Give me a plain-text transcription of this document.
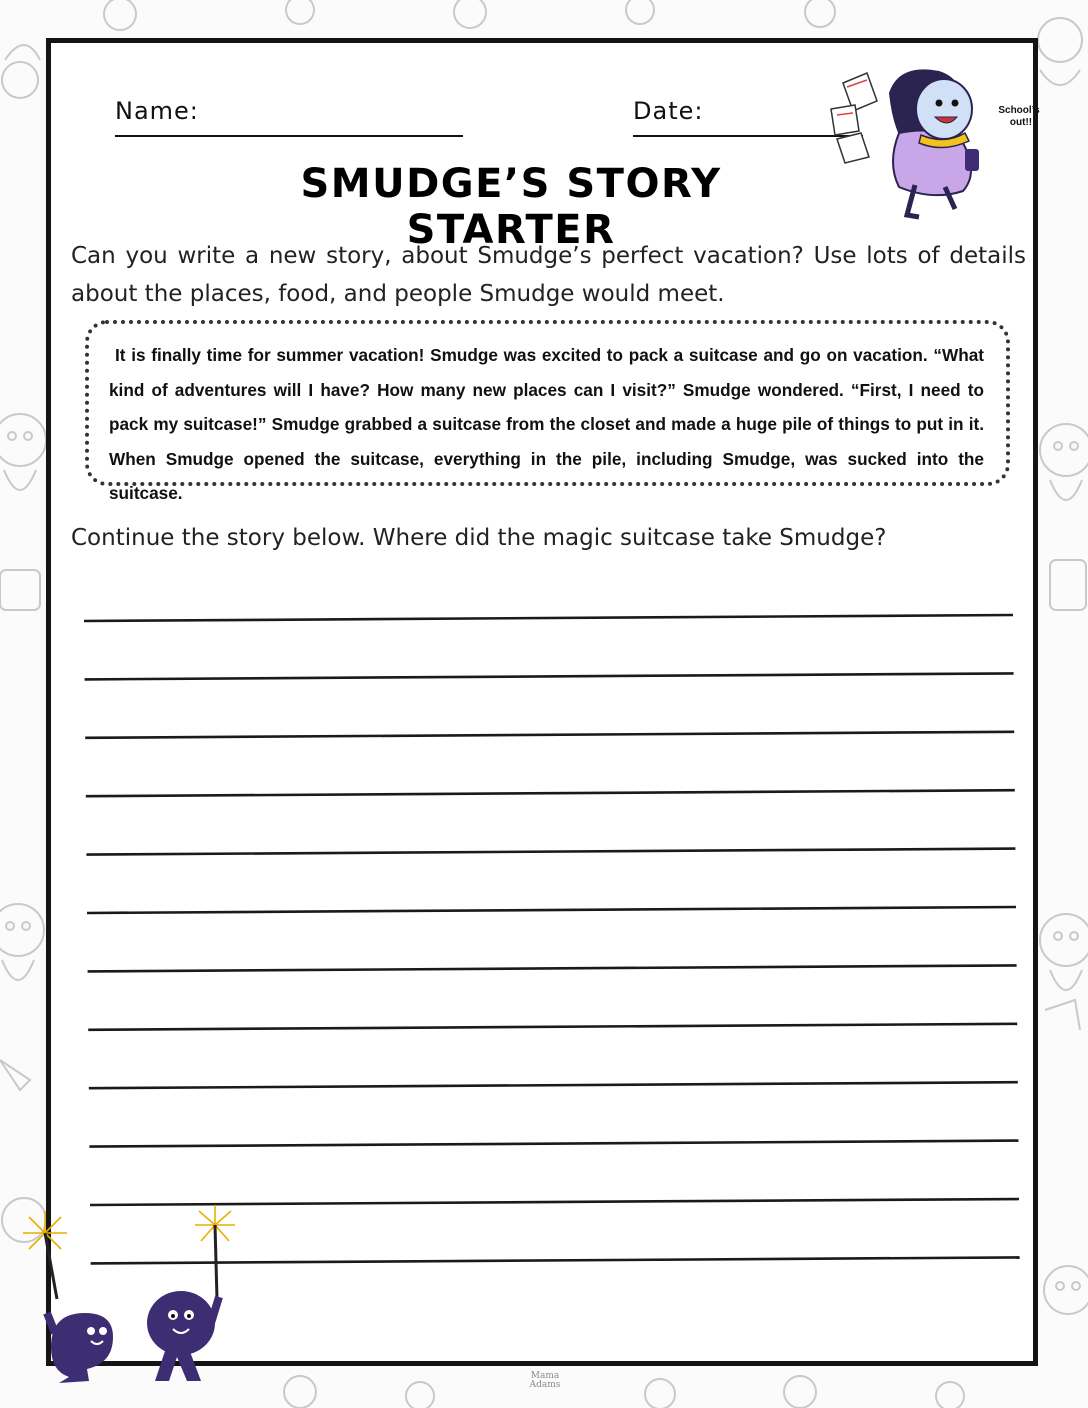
Name:	Date:
SMUDGE’S STORY STARTER
School’s out!!
Can you write a new story, about Smudge’s perfect vacation? Use lots of details about the places, food, and people Smudge would meet.
It is finally time for summer vacation! Smudge was excited to pack a suitcase and go on vacation. “What kind of adventures will I have? How many new places can I visit?” Smudge wondered. “First, I need to pack my suitcase!” Smudge grabbed a suitcase from the closet and made a huge pile of things to put in it. When Smudge opened the suitcase, everything in the pile, including Smudge, was sucked into the suitcase.
Continue the story below. Where did the magic suitcase take Smudge?
Mama Adams
